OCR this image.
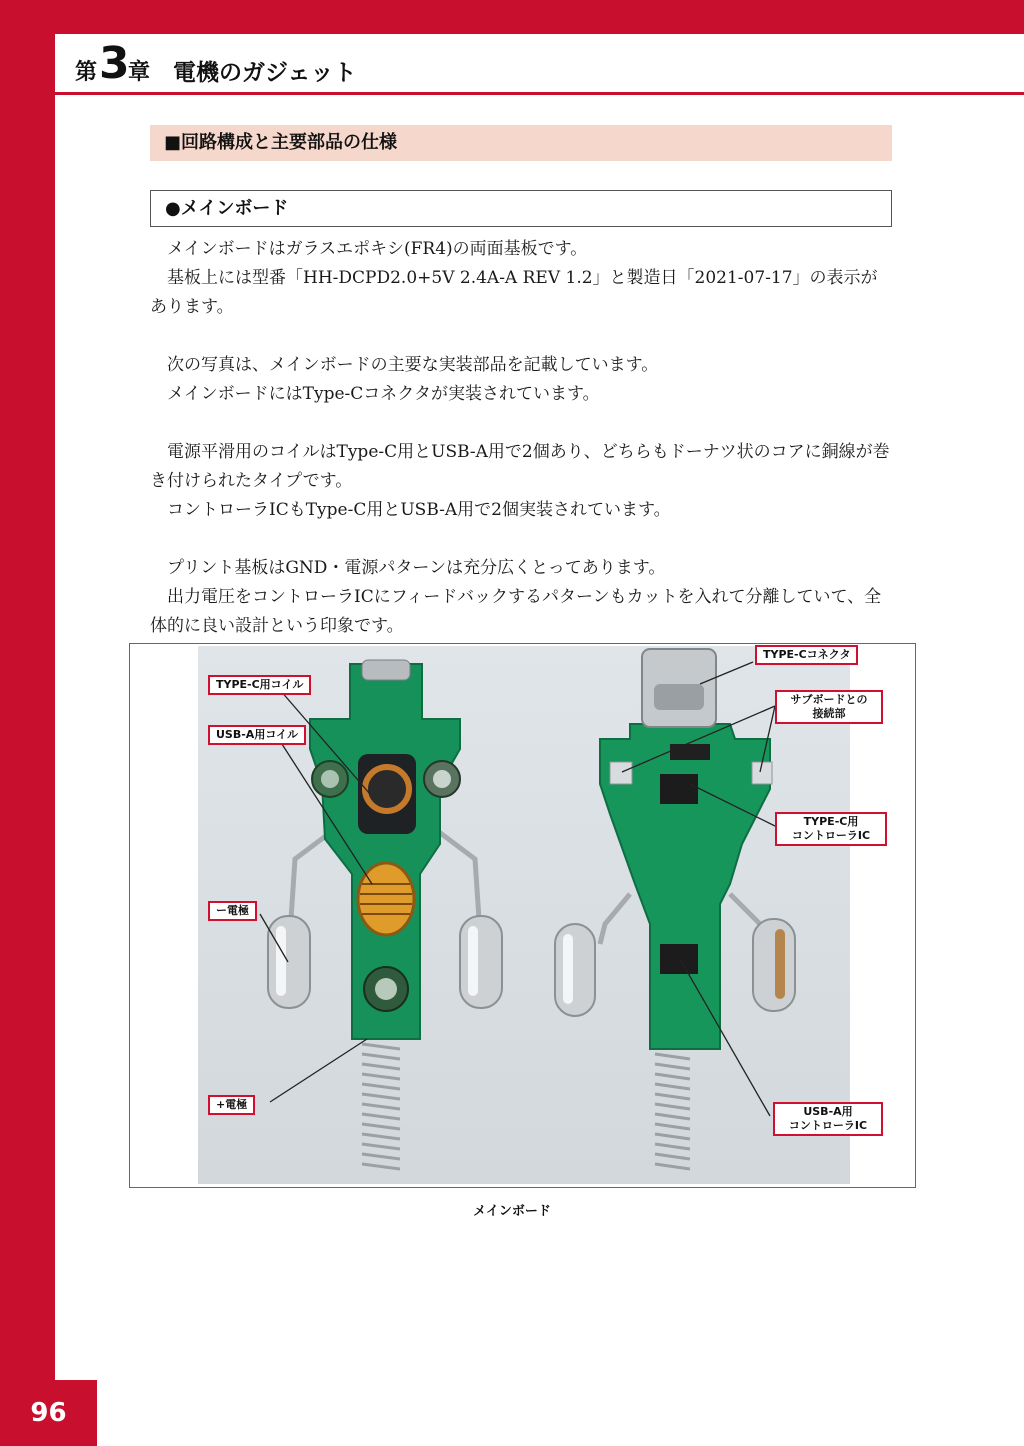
第 3 章 電機のガジェット
■回路構成と主要部品の仕様
●メインボード

メインボードはガラスエポキシ(FR4)の両面基板です。

基板上には型番「HH-DCPD2.0+5V 2.4A-A REV 1.2」と製造日「2021-07-17」の表示があります。

次の写真は、メインボードの主要な実装部品を記載しています。

メインボードにはType-Cコネクタが実装されています。

電源平滑用のコイルはType-C用とUSB-A用で2個あり、どちらもドーナツ状のコアに銅線が巻き付けられたタイプです。

コントローラICもType-C用とUSB-A用で2個実装されています。

プリント基板はGND・電源パターンは充分広くとってあります。

出力電圧をコントローラICにフィードバックするパターンもカットを入れて分離していて、全体的に良い設計という印象です。

TYPE-C用コイル
USB-A用コイル
ー電極
+電極
TYPE-Cコネクタ
サブボードとの
接続部
TYPE-C用
コントローラIC
USB-A用
コントローラIC
メインボード
96
